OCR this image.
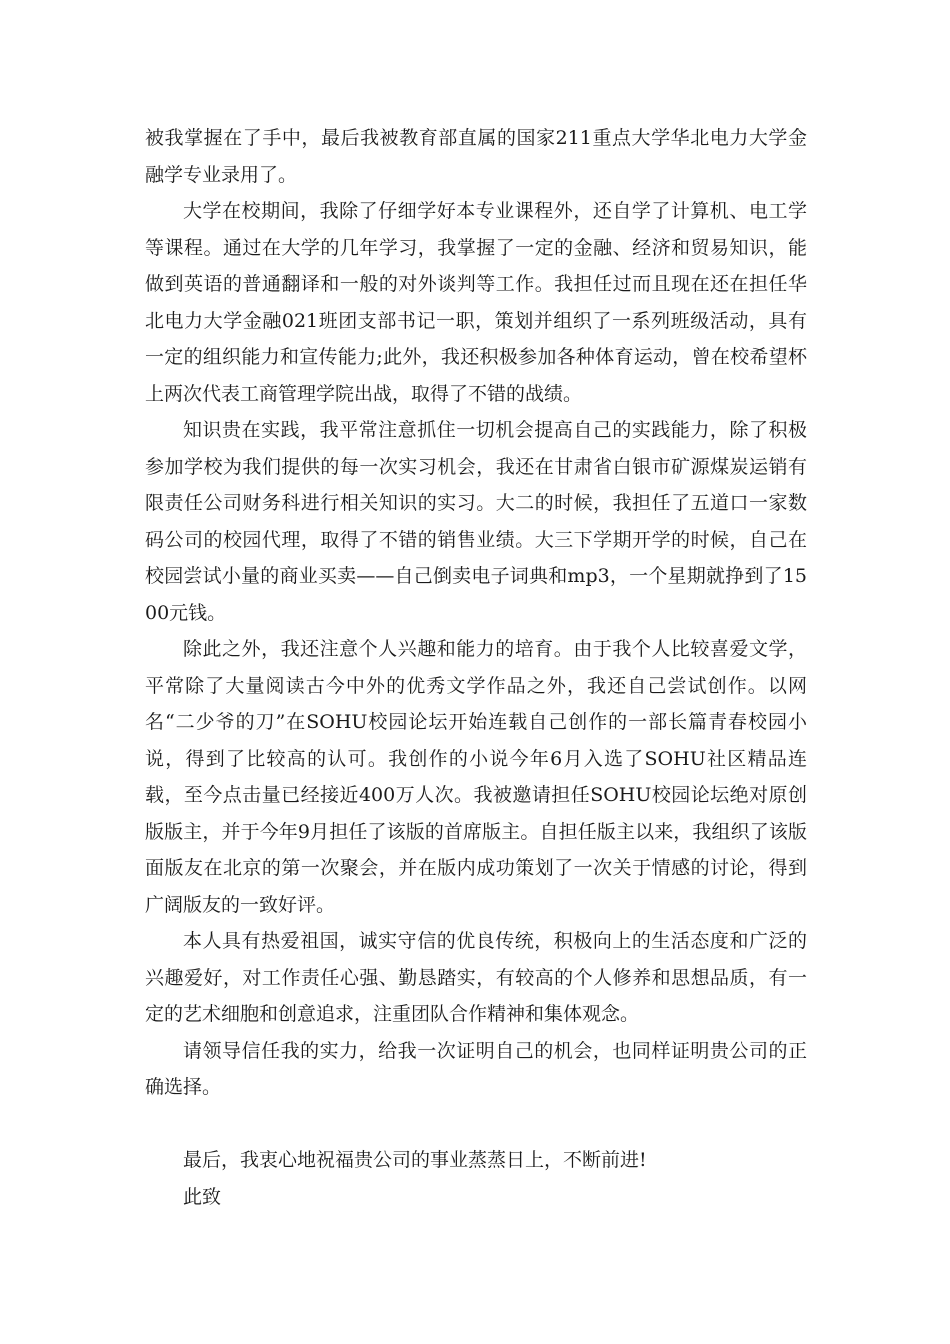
被我掌握在了手中，最后我被教育部直属的国家211重点大学华北电力大学金融学专业录用了。

大学在校期间，我除了仔细学好本专业课程外，还自学了计算机、电工学等课程。通过在大学的几年学习，我掌握了一定的金融、经济和贸易知识，能做到英语的普通翻译和一般的对外谈判等工作。我担任过而且现在还在担任华北电力大学金融021班团支部书记一职，策划并组织了一系列班级活动，具有一定的组织能力和宣传能力;此外，我还积极参加各种体育运动，曾在校希望杯上两次代表工商管理学院出战，取得了不错的战绩。

知识贵在实践，我平常注意抓住一切机会提高自己的实践能力，除了积极参加学校为我们提供的每一次实习机会，我还在甘肃省白银市矿源煤炭运销有限责任公司财务科进行相关知识的实习。大二的时候，我担任了五道口一家数码公司的校园代理，取得了不错的销售业绩。大三下学期开学的时候，自己在校园尝试小量的商业买卖——自己倒卖电子词典和mp3，一个星期就挣到了1500元钱。

除此之外，我还注意个人兴趣和能力的培育。由于我个人比较喜爱文学，平常除了大量阅读古今中外的优秀文学作品之外，我还自己尝试创作。以网名“二少爷的刀”在SOHU校园论坛开始连载自己创作的一部长篇青春校园小说，得到了比较高的认可。我创作的小说今年6月入选了SOHU社区精品连载，至今点击量已经接近400万人次。我被邀请担任SOHU校园论坛绝对原创版版主，并于今年9月担任了该版的首席版主。自担任版主以来，我组织了该版面版友在北京的第一次聚会，并在版内成功策划了一次关于情感的讨论，得到广阔版友的一致好评。

本人具有热爱祖国，诚实守信的优良传统，积极向上的生活态度和广泛的兴趣爱好，对工作责任心强、勤恳踏实，有较高的个人修养和思想品质，有一定的艺术细胞和创意追求，注重团队合作精神和集体观念。

请领导信任我的实力，给我一次证明自己的机会，也同样证明贵公司的正确选择。

最后，我衷心地祝福贵公司的事业蒸蒸日上，不断前进!

此致
